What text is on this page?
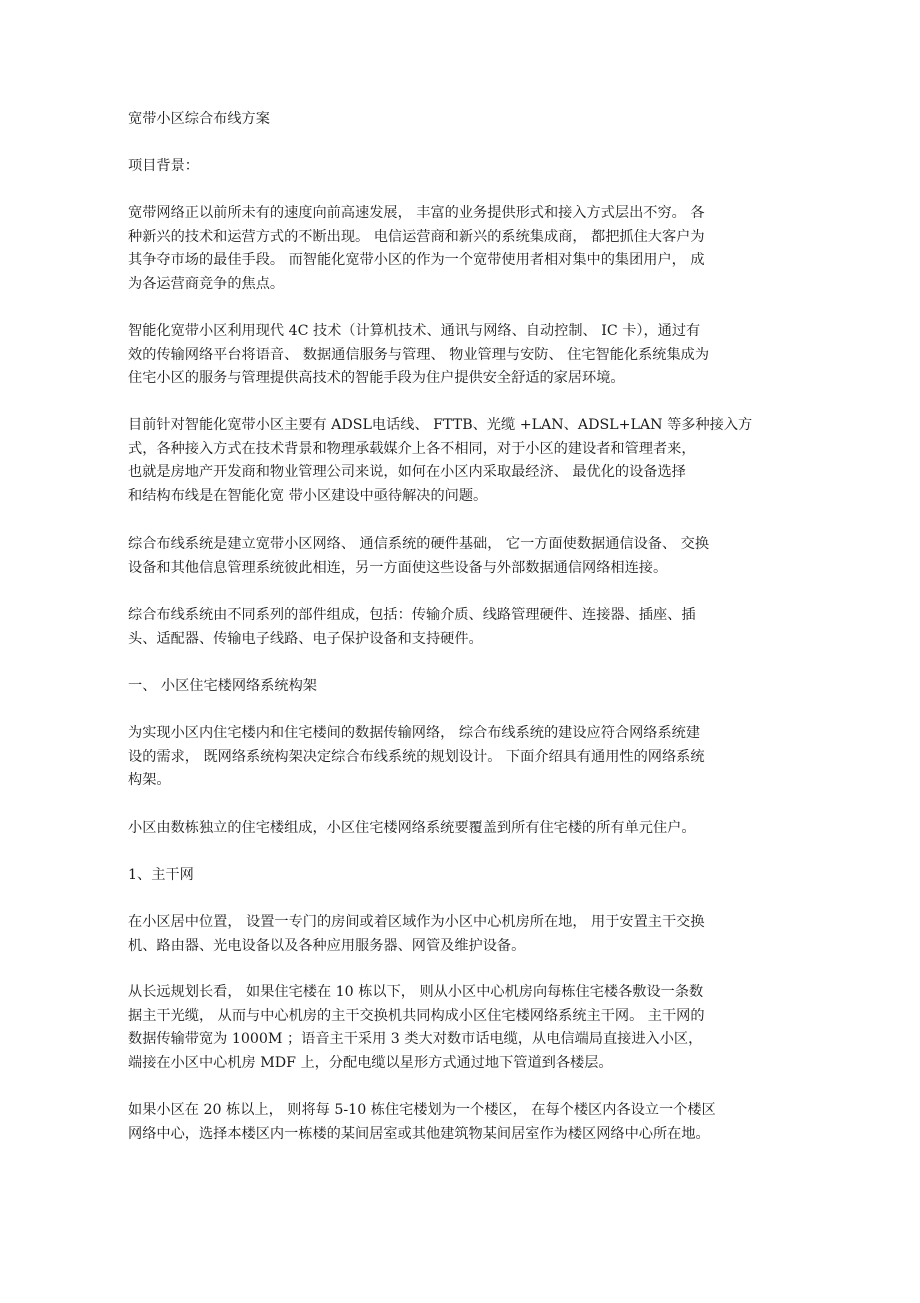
宽带小区综合布线方案
项目背景：
宽带网络正以前所未有的速度向前高速发展， 丰富的业务提供形式和接入方式层出不穷。 各
种新兴的技术和运营方式的不断出现。 电信运营商和新兴的系统集成商， 都把抓住大客户为
其争夺市场的最佳手段。 而智能化宽带小区的作为一个宽带使用者相对集中的集团用户， 成
为各运营商竞争的焦点。
智能化宽带小区利用现代 4C 技术（计算机技术、通讯与网络、自动控制、 IC 卡），通过有
效的传输网络平台将语音、 数据通信服务与管理、 物业管理与安防、 住宅智能化系统集成为
住宅小区的服务与管理提供高技术的智能手段为住户提供安全舒适的家居环境。
目前针对智能化宽带小区主要有 ADSL电话线、 FTTB、光缆 +LAN、ADSL+LAN 等多种接入方
式，各种接入方式在技术背景和物理承载媒介上各不相同，对于小区的建设者和管理者来，
也就是房地产开发商和物业管理公司来说，如何在小区内采取最经济、 最优化的设备选择
和结构布线是在智能化宽 带小区建设中亟待解决的问题。
综合布线系统是建立宽带小区网络、 通信系统的硬件基础， 它一方面使数据通信设备、 交换
设备和其他信息管理系统彼此相连，另一方面使这些设备与外部数据通信网络相连接。
综合布线系统由不同系列的部件组成，包括：传输介质、线路管理硬件、连接器、插座、插
头、适配器、传输电子线路、电子保护设备和支持硬件。
一、 小区住宅楼网络系统构架
为实现小区内住宅楼内和住宅楼间的数据传输网络， 综合布线系统的建设应符合网络系统建
设的需求， 既网络系统构架决定综合布线系统的规划设计。 下面介绍具有通用性的网络系统
构架。
小区由数栋独立的住宅楼组成，小区住宅楼网络系统要覆盖到所有住宅楼的所有单元住户。
1、主干网
在小区居中位置， 设置一专门的房间或着区域作为小区中心机房所在地， 用于安置主干交换
机、路由器、光电设备以及各种应用服务器、网管及维护设备。
从长远规划长看， 如果住宅楼在 10 栋以下， 则从小区中心机房向每栋住宅楼各敷设一条数
据主干光缆， 从而与中心机房的主干交换机共同构成小区住宅楼网络系统主干网。 主干网的
数据传输带宽为 1000M ；语音主干采用 3 类大对数市话电缆，从电信端局直接进入小区，
端接在小区中心机房 MDF 上，分配电缆以星形方式通过地下管道到各楼层。
如果小区在 20 栋以上， 则将每 5-10 栋住宅楼划为一个楼区， 在每个楼区内各设立一个楼区
网络中心，选择本楼区内一栋楼的某间居室或其他建筑物某间居室作为楼区网络中心所在地。
